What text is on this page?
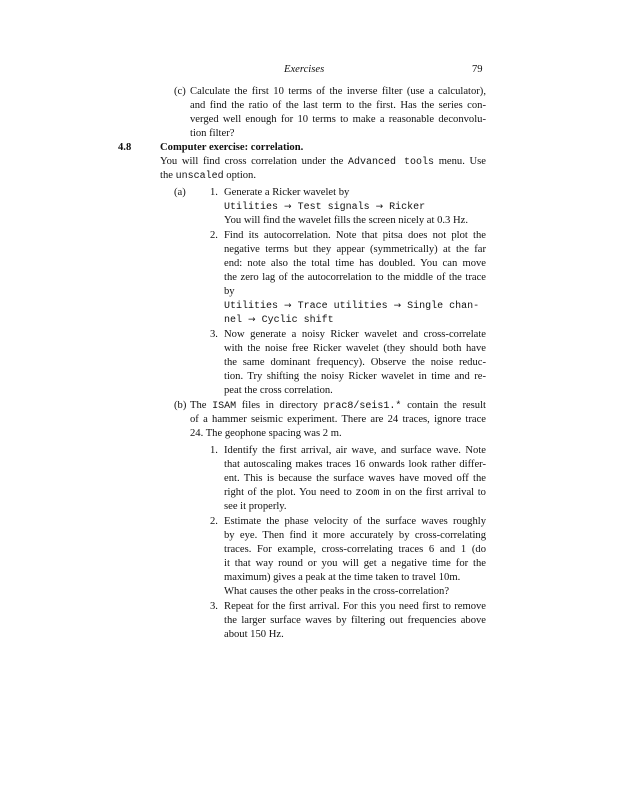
Exercises	79
(c) Calculate the first 10 terms of the inverse filter (use a calculator),
and find the ratio of the last term to the first. Has the series con-
verged well enough for 10 terms to make a reasonable deconvolu-
tion filter?
4.8	Computer exercise: correlation.
You will find cross correlation under the Advanced tools menu. Use
the unscaled option.
(a) 1. Generate a Ricker wavelet by
Utilities → Test signals → Ricker
You will find the wavelet fills the screen nicely at 0.3 Hz.
2. Find its autocorrelation. Note that pitsa does not plot the
negative terms but they appear (symmetrically) at the far
end: note also the total time has doubled. You can move
the zero lag of the autocorrelation to the middle of the trace
by
Utilities → Trace utilities → Single chan-
nel → Cyclic shift
3. Now generate a noisy Ricker wavelet and cross-correlate
with the noise free Ricker wavelet (they should both have
the same dominant frequency). Observe the noise reduc-
tion. Try shifting the noisy Ricker wavelet in time and re-
peat the cross correlation.
(b) The ISAM files in directory prac8/seis1.* contain the result
of a hammer seismic experiment. There are 24 traces, ignore trace
24. The geophone spacing was 2 m.
1. Identify the first arrival, air wave, and surface wave. Note
that autoscaling makes traces 16 onwards look rather differ-
ent. This is because the surface waves have moved off the
right of the plot. You need to zoom in on the first arrival to
see it properly.
2. Estimate the phase velocity of the surface waves roughly
by eye. Then find it more accurately by cross-correlating
traces. For example, cross-correlating traces 6 and 1 (do
it that way round or you will get a negative time for the
maximum) gives a peak at the time taken to travel 10m.
What causes the other peaks in the cross-correlation?
3. Repeat for the first arrival. For this you need first to remove
the larger surface waves by filtering out frequencies above
about 150 Hz.
